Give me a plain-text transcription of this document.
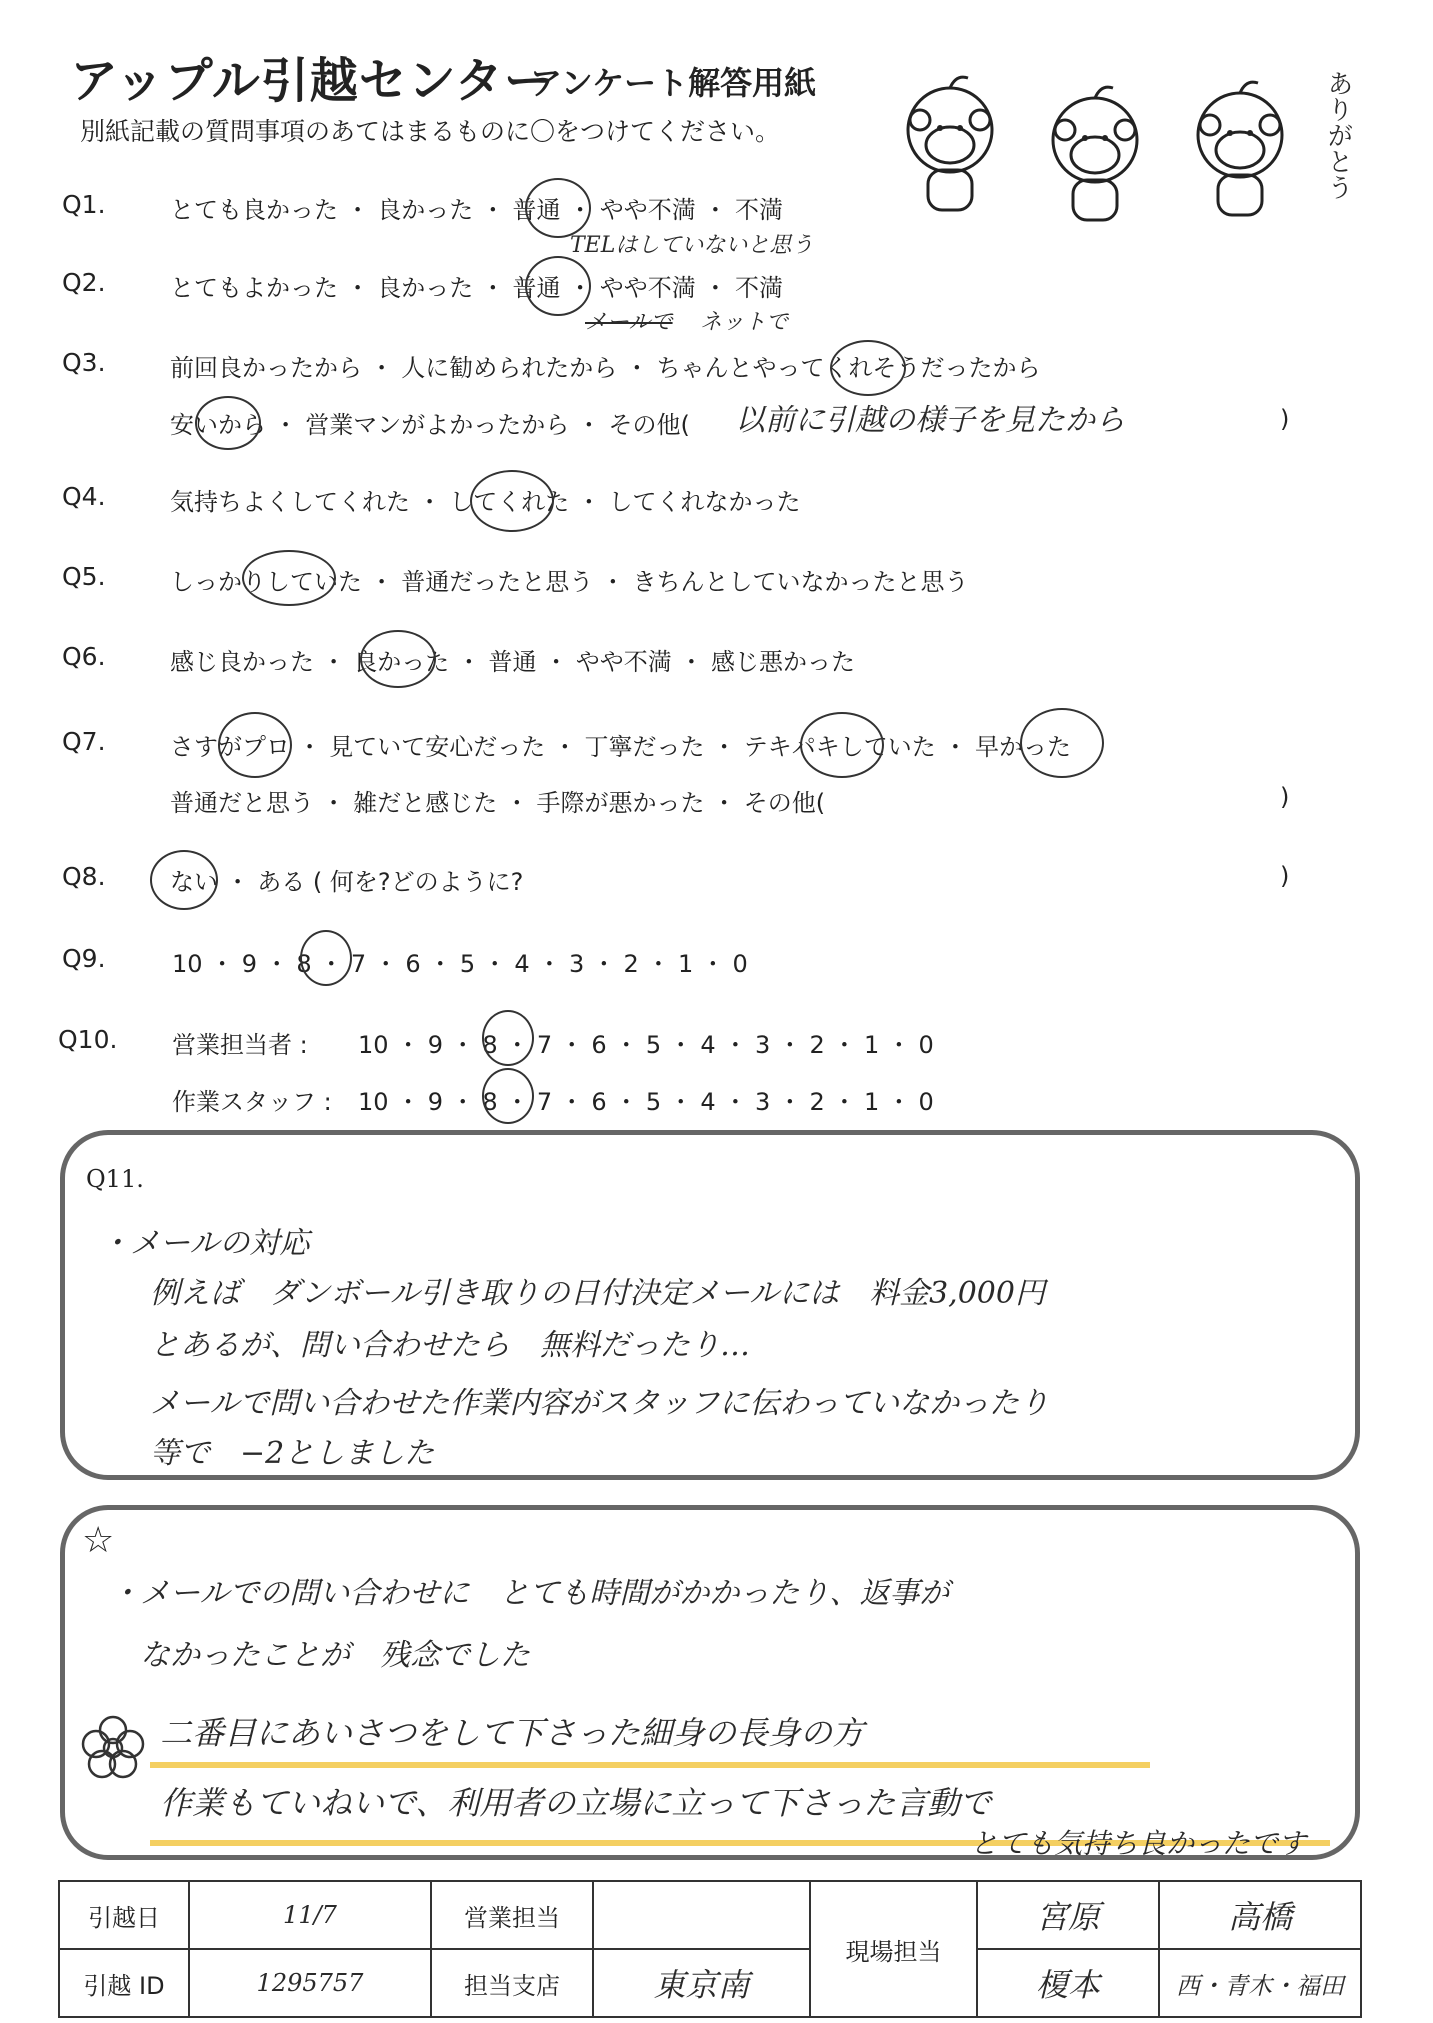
アップル引越センター
アンケート解答用紙
別紙記載の質問事項のあてはまるものに〇をつけてください。	ありがとう
Q1.	とても良かった ・ 良かった ・ 普通 ・ やや不満 ・ 不満
TELはしていないと思う
Q2.	とてもよかった ・ 良かった ・ 普通 ・ やや不満 ・ 不満
メールで ネットで
Q3.	前回良かったから ・ 人に勧められたから ・ ちゃんとやってくれそうだったから
安いから ・ 営業マンがよかったから ・ その他(	)
以前に引越の様子を見たから
Q4.	気持ちよくしてくれた ・ してくれた ・ してくれなかった
Q5.	しっかりしていた ・ 普通だったと思う ・ きちんとしていなかったと思う
Q6.	感じ良かった ・ 良かった ・ 普通 ・ やや不満 ・ 感じ悪かった
Q7.	さすがプロ ・ 見ていて安心だった ・ 丁寧だった ・ テキパキしていた ・ 早かった
普通だと思う ・ 雑だと感じた ・ 手際が悪かった ・ その他(	)
Q8.	ない ・ ある ( 何を?どのように?	)
Q9.	10 ・ 9 ・ 8 ・ 7 ・ 6 ・ 5 ・ 4 ・ 3 ・ 2 ・ 1 ・ 0
Q10. 営業担当者 : 10 ・ 9 ・ 8 ・ 7 ・ 6 ・ 5 ・ 4 ・ 3 ・ 2 ・ 1 ・ 0
作業スタッフ : 10 ・ 9 ・ 8 ・ 7 ・ 6 ・ 5 ・ 4 ・ 3 ・ 2 ・ 1 ・ 0
Q11.
・メールの対応
例えば　ダンボール引き取りの日付決定メールには　料金3,000円
とあるが、問い合わせたら　無料だったり…
メールで問い合わせた作業内容がスタッフに伝わっていなかったり
等で　−2としました
☆
・メールでの問い合わせに　とても時間がかかったり、返事が
なかったことが　残念でした
二番目にあいさつをして下さった細身の長身の方
作業もていねいで、利用者の立場に立って下さった言動で
とても気持ち良かったです
引越日	11/7	営業担当		現場担当	宮原	高橋
引越 ID	1295757	担当支店	東京南		榎本	西・青木・福田
